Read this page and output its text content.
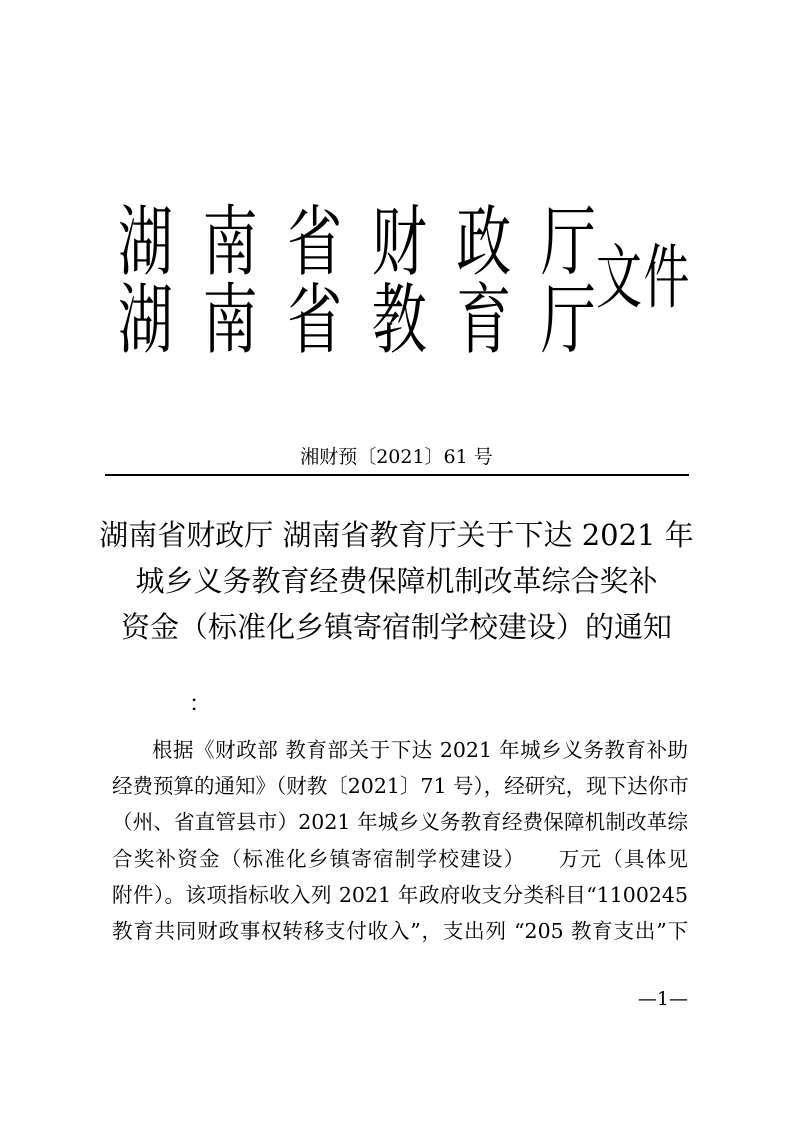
湖 南 省 财 政 厅
湖 南 省 教 育 厅
文件
湘财预〔2021〕61 号
湖南省财政厅 湖南省教育厅关于下达 2021 年
城乡义务教育经费保障机制改革综合奖补
资金（标准化乡镇寄宿制学校建设）的通知
：
根据《财政部 教育部关于下达 2021 年城乡义务教育补助
经费预算的通知》（财教〔2021〕71 号），经研究，现下达你市
（州、省直管县市）2021 年城乡义务教育经费保障机制改革综
合奖补资金（标准化乡镇寄宿制学校建设）　　万元（具体见
附件）。该项指标收入列 2021 年政府收支分类科目“1100245
教育共同财政事权转移支付收入”，支出列 “205 教育支出”下
—1—
